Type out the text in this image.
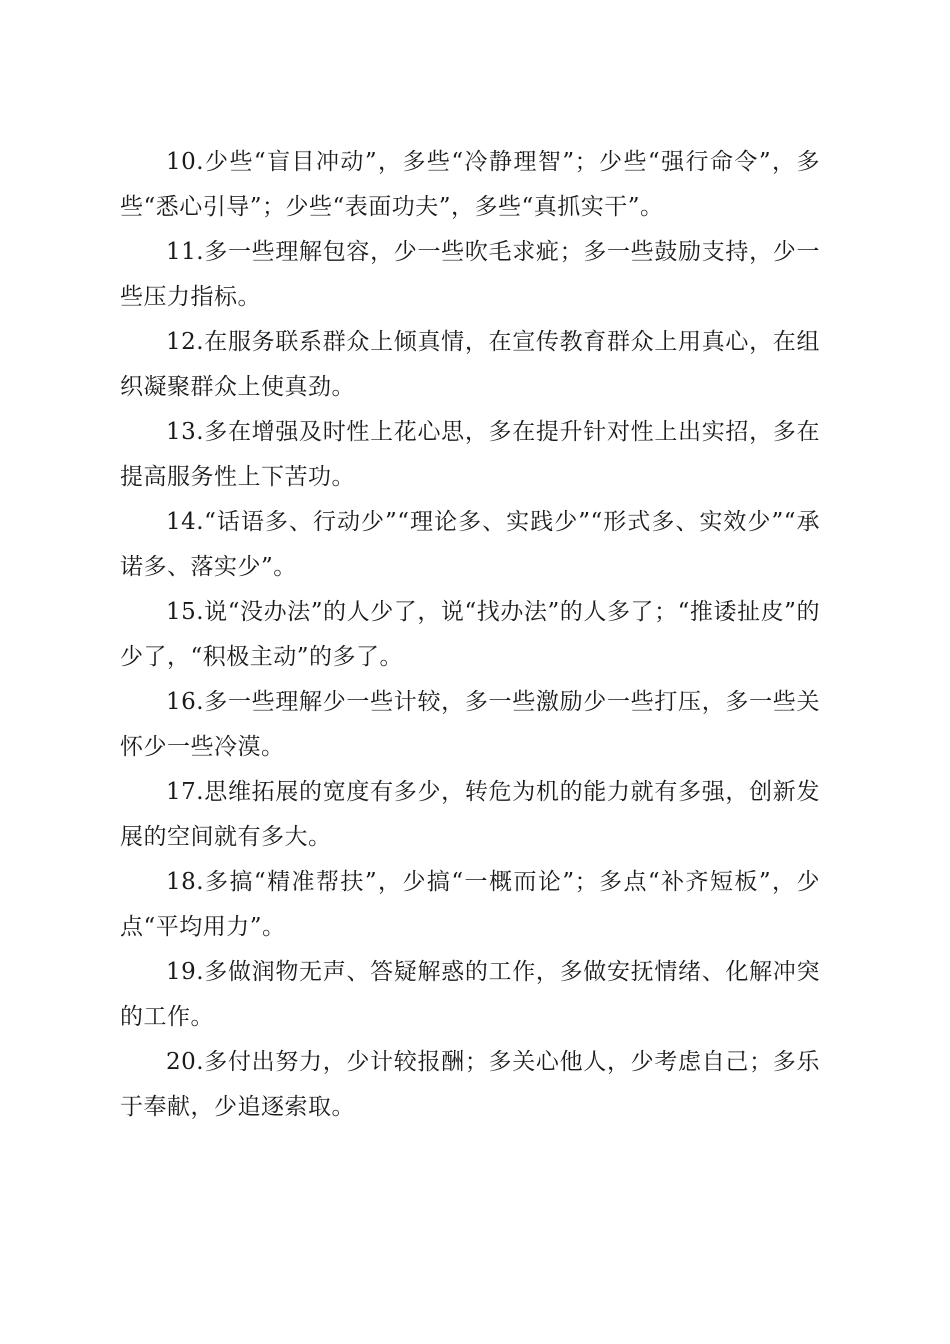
10.少些“盲目冲动”，多些“冷静理智”；少些“强行命令”，多些“悉心引导”；少些“表面功夫”，多些“真抓实干”。

11.多一些理解包容，少一些吹毛求疵；多一些鼓励支持，少一些压力指标。

12.在服务联系群众上倾真情，在宣传教育群众上用真心，在组织凝聚群众上使真劲。

13.多在增强及时性上花心思，多在提升针对性上出实招，多在提高服务性上下苦功。

14.“话语多、行动少”“理论多、实践少”“形式多、实效少”“承诺多、落实少”。

15.说“没办法”的人少了，说“找办法”的人多了；“推诿扯皮”的少了，“积极主动”的多了。

16.多一些理解少一些计较，多一些激励少一些打压，多一些关怀少一些冷漠。

17.思维拓展的宽度有多少，转危为机的能力就有多强，创新发展的空间就有多大。

18.多搞“精准帮扶”，少搞“一概而论”；多点“补齐短板”，少点“平均用力”。

19.多做润物无声、答疑解惑的工作，多做安抚情绪、化解冲突的工作。

20.多付出努力，少计较报酬；多关心他人，少考虑自己；多乐于奉献，少追逐索取。
